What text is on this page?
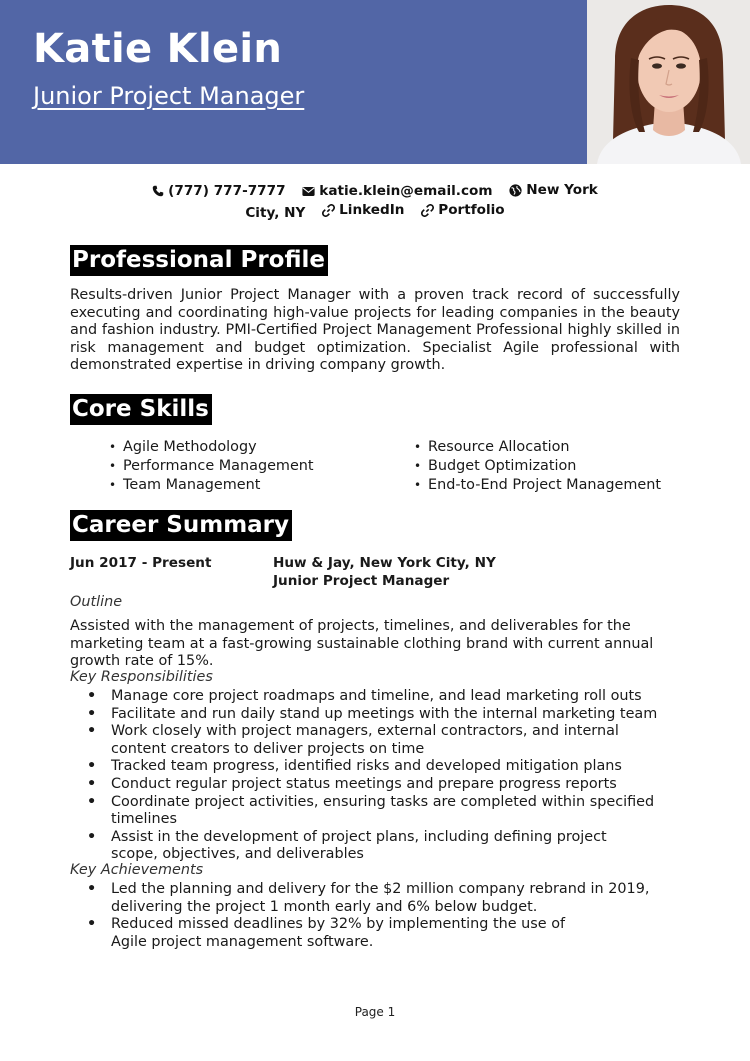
Katie Klein
Junior Project Manager
(777) 777-7777
katie.klein@email.com
New York
City, NY
LinkedIn
Portfolio
Professional Profile

Results-driven Junior Project Manager with a proven track record of successfully executing and coordinating high-value projects for leading companies in the beauty and fashion industry. PMI-Certified Project Management Professional highly skilled in risk management and budget optimization. Specialist Agile professional with demonstrated expertise in driving company growth.

Core Skills
• Agile Methodology
• Performance Management
• Team Management
• Resource Allocation
• Budget Optimization
• End-to-End Project Management
Career Summary
Jun 2017 - Present	Huw & Jay, New York City, NY
Junior Project Manager
Outline

Assisted with the management of projects, timelines, and deliverables for the marketing team at a fast-growing sustainable clothing brand with current annual growth rate of 15%.

Key Responsibilities
• Manage core project roadmaps and timeline, and lead marketing roll outs
• Facilitate and run daily stand up meetings with the internal marketing team
• Work closely with project managers, external contractors, and internal content creators to deliver projects on time
• Tracked team progress, identified risks and developed mitigation plans
• Conduct regular project status meetings and prepare progress reports
• Coordinate project activities, ensuring tasks are completed within specified timelines
• Assist in the development of project plans, including defining project scope, objectives, and deliverables
Key Achievements
• Led the planning and delivery for the $2 million company rebrand in 2019, delivering the project 1 month early and 6% below budget.
• Reduced missed deadlines by 32% by implementing the use of Agile project management software.
Page 1
